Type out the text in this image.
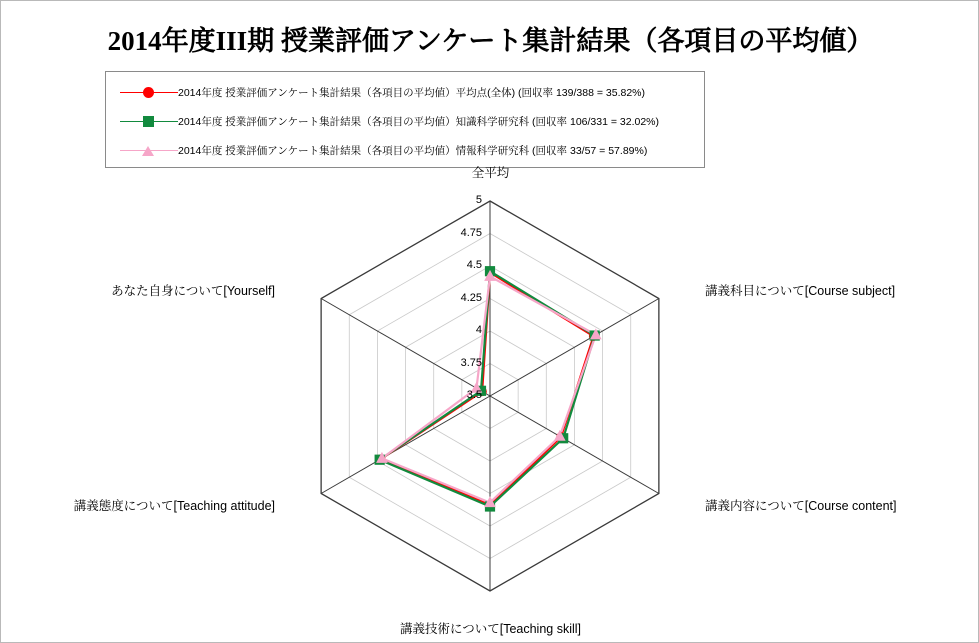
2014年度III期 授業評価アンケート集計結果（各項目の平均値）
2014年度 授業評価アンケート集計結果（各項目の平均値）平均点(全体) (回収率 139/388 = 35.82%)
2014年度 授業評価アンケート集計結果（各項目の平均値）知識科学研究科 (回収率 106/331 = 32.02%)
2014年度 授業評価アンケート集計結果（各項目の平均値）情報科学研究科 (回収率 33/57 = 57.89%)
全平均
講義科目について[Course subject]
講義内容について[Course content]
講義技術について[Teaching skill]
講義態度について[Teaching attitude]
あなた自身について[Yourself]
5
4.75
4.5
4.25
4
3.75
3.5
